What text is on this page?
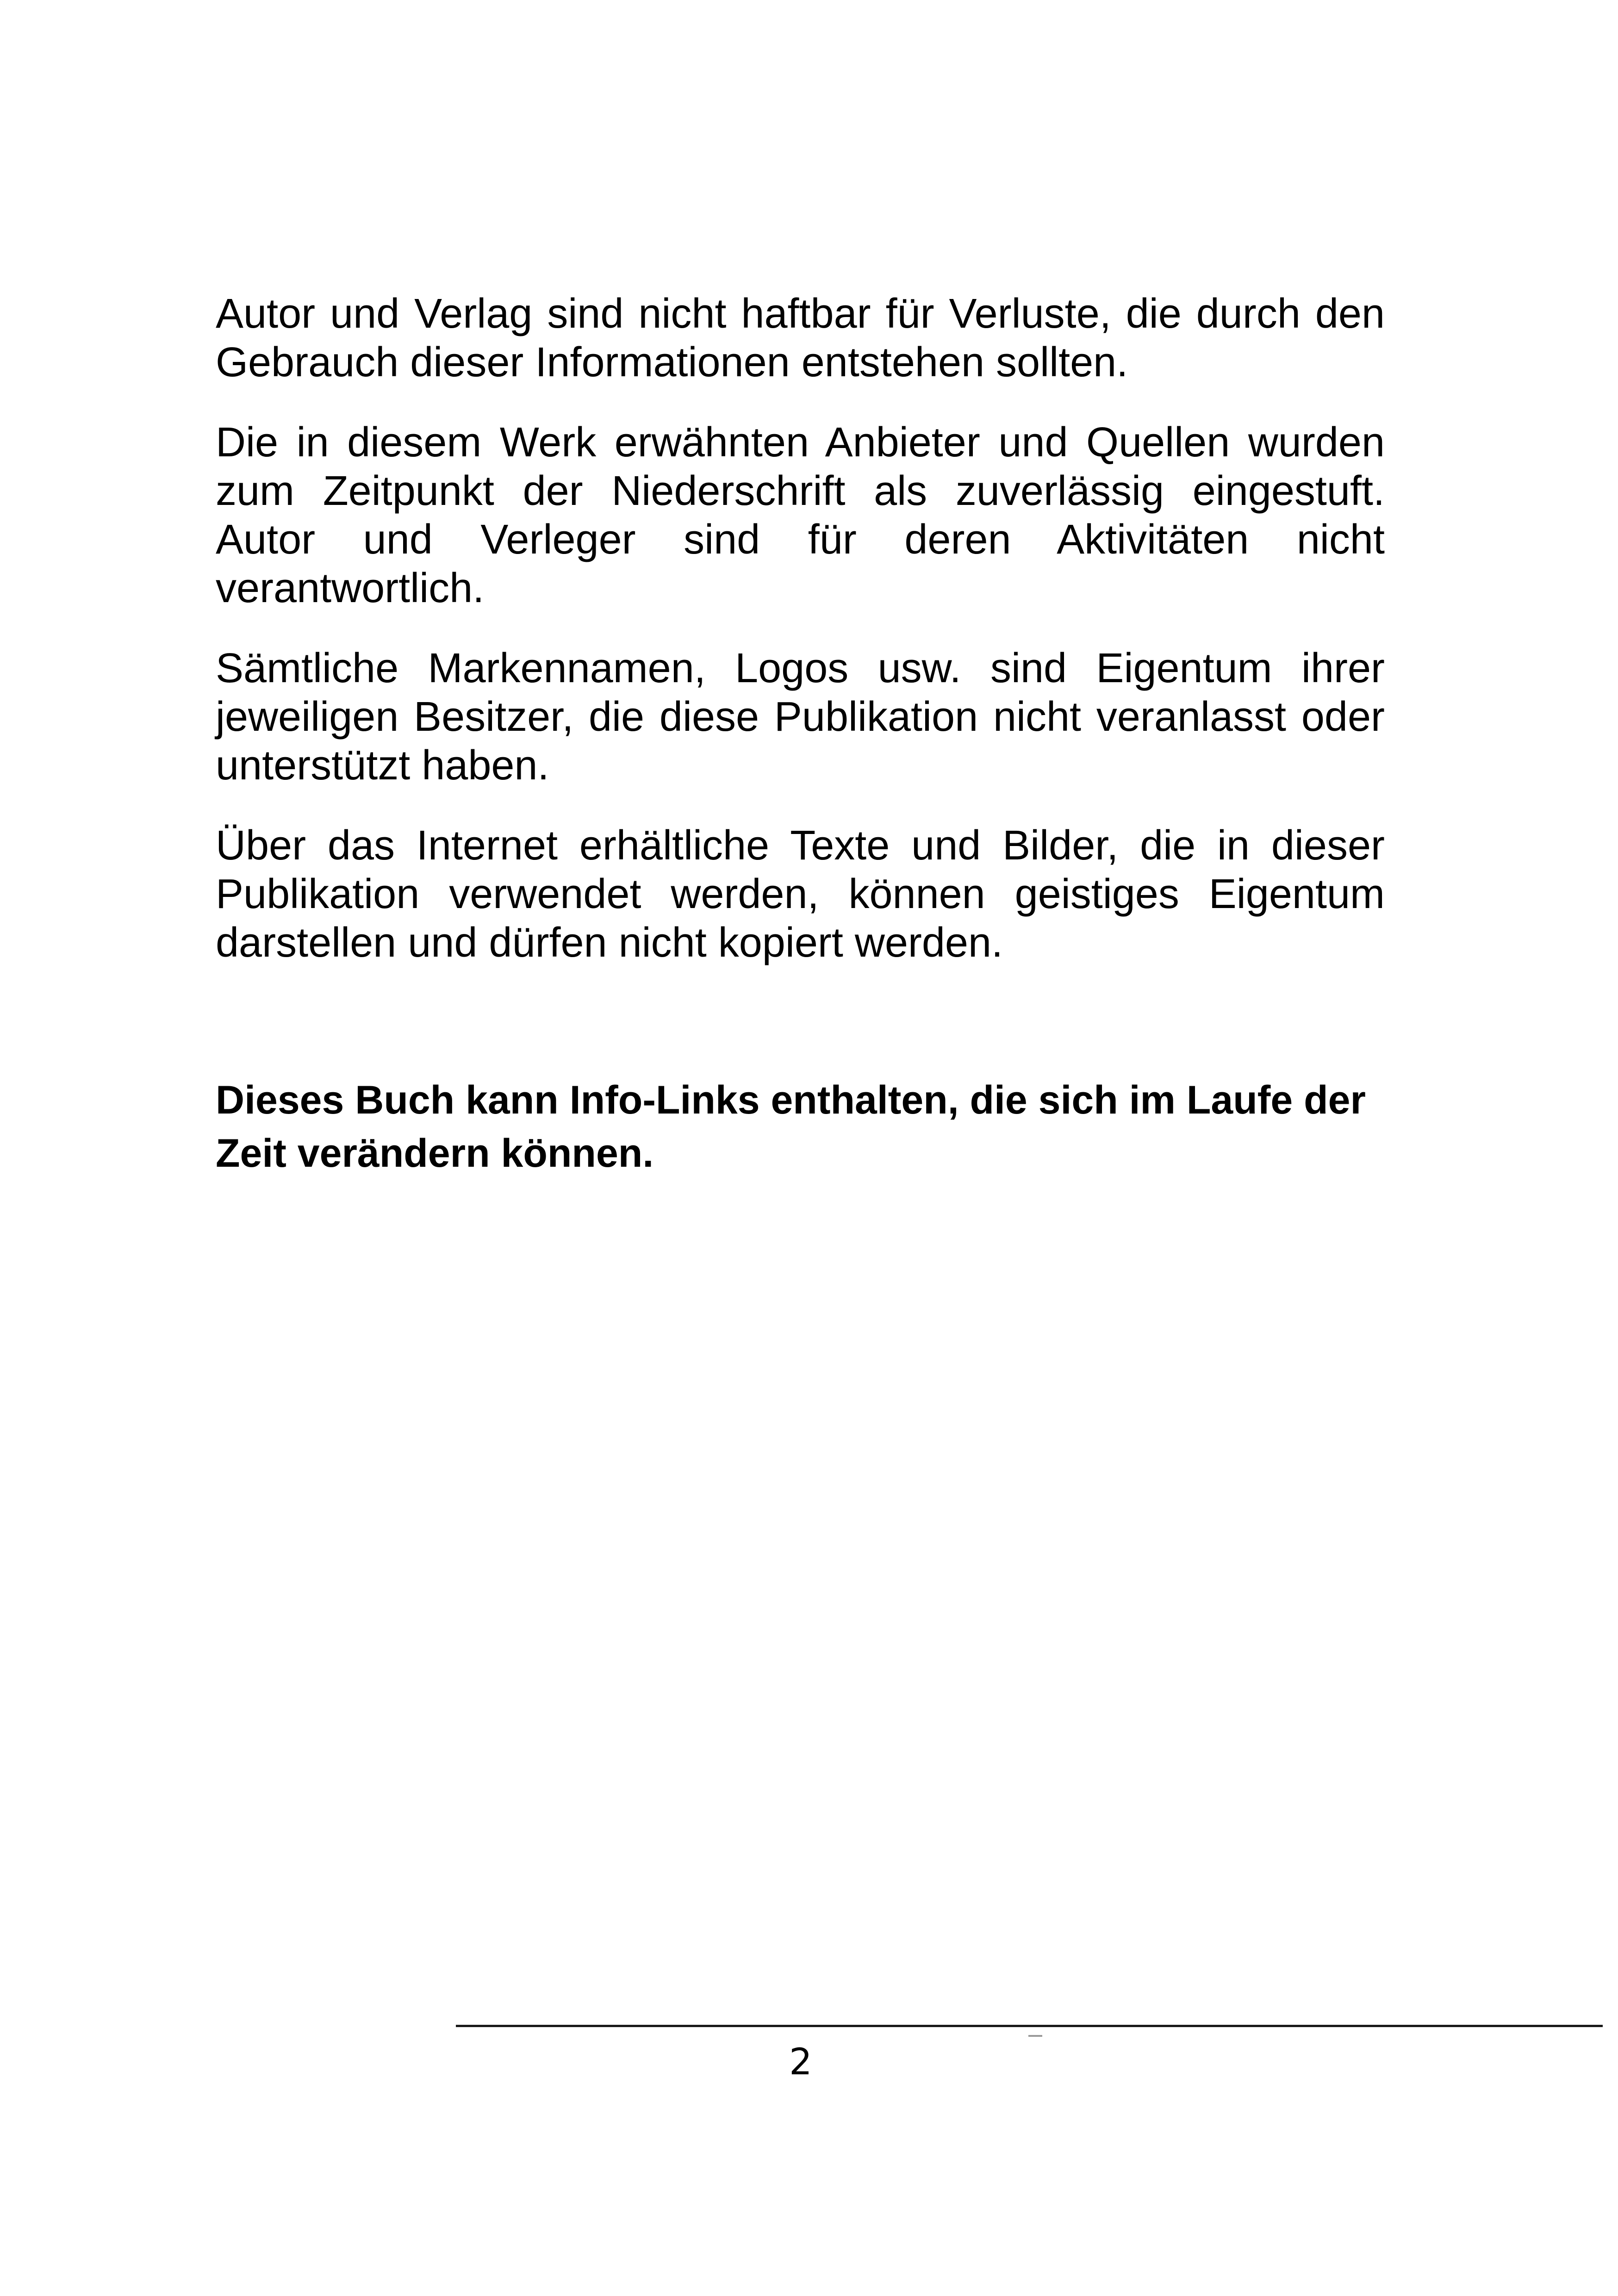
Autor und Verlag sind nicht haftbar für Verluste, die durch den Gebrauch dieser Informationen entstehen sollten.

Die in diesem Werk erwähnten Anbieter und Quellen wurden zum Zeitpunkt der Niederschrift als zuverlässig eingestuft. Autor und Verleger sind für deren Aktivitäten nicht verantwortlich.

Sämtliche Markennamen, Logos usw. sind Eigentum ihrer jeweiligen Besitzer, die diese Publikation nicht veranlasst oder unterstützt haben.

Über das Internet erhältliche Texte und Bilder, die in dieser Publikation verwendet werden, können geistiges Eigentum darstellen und dürfen nicht kopiert werden.

Dieses Buch kann Info-Links enthalten, die sich im Laufe der Zeit verändern können.

2
